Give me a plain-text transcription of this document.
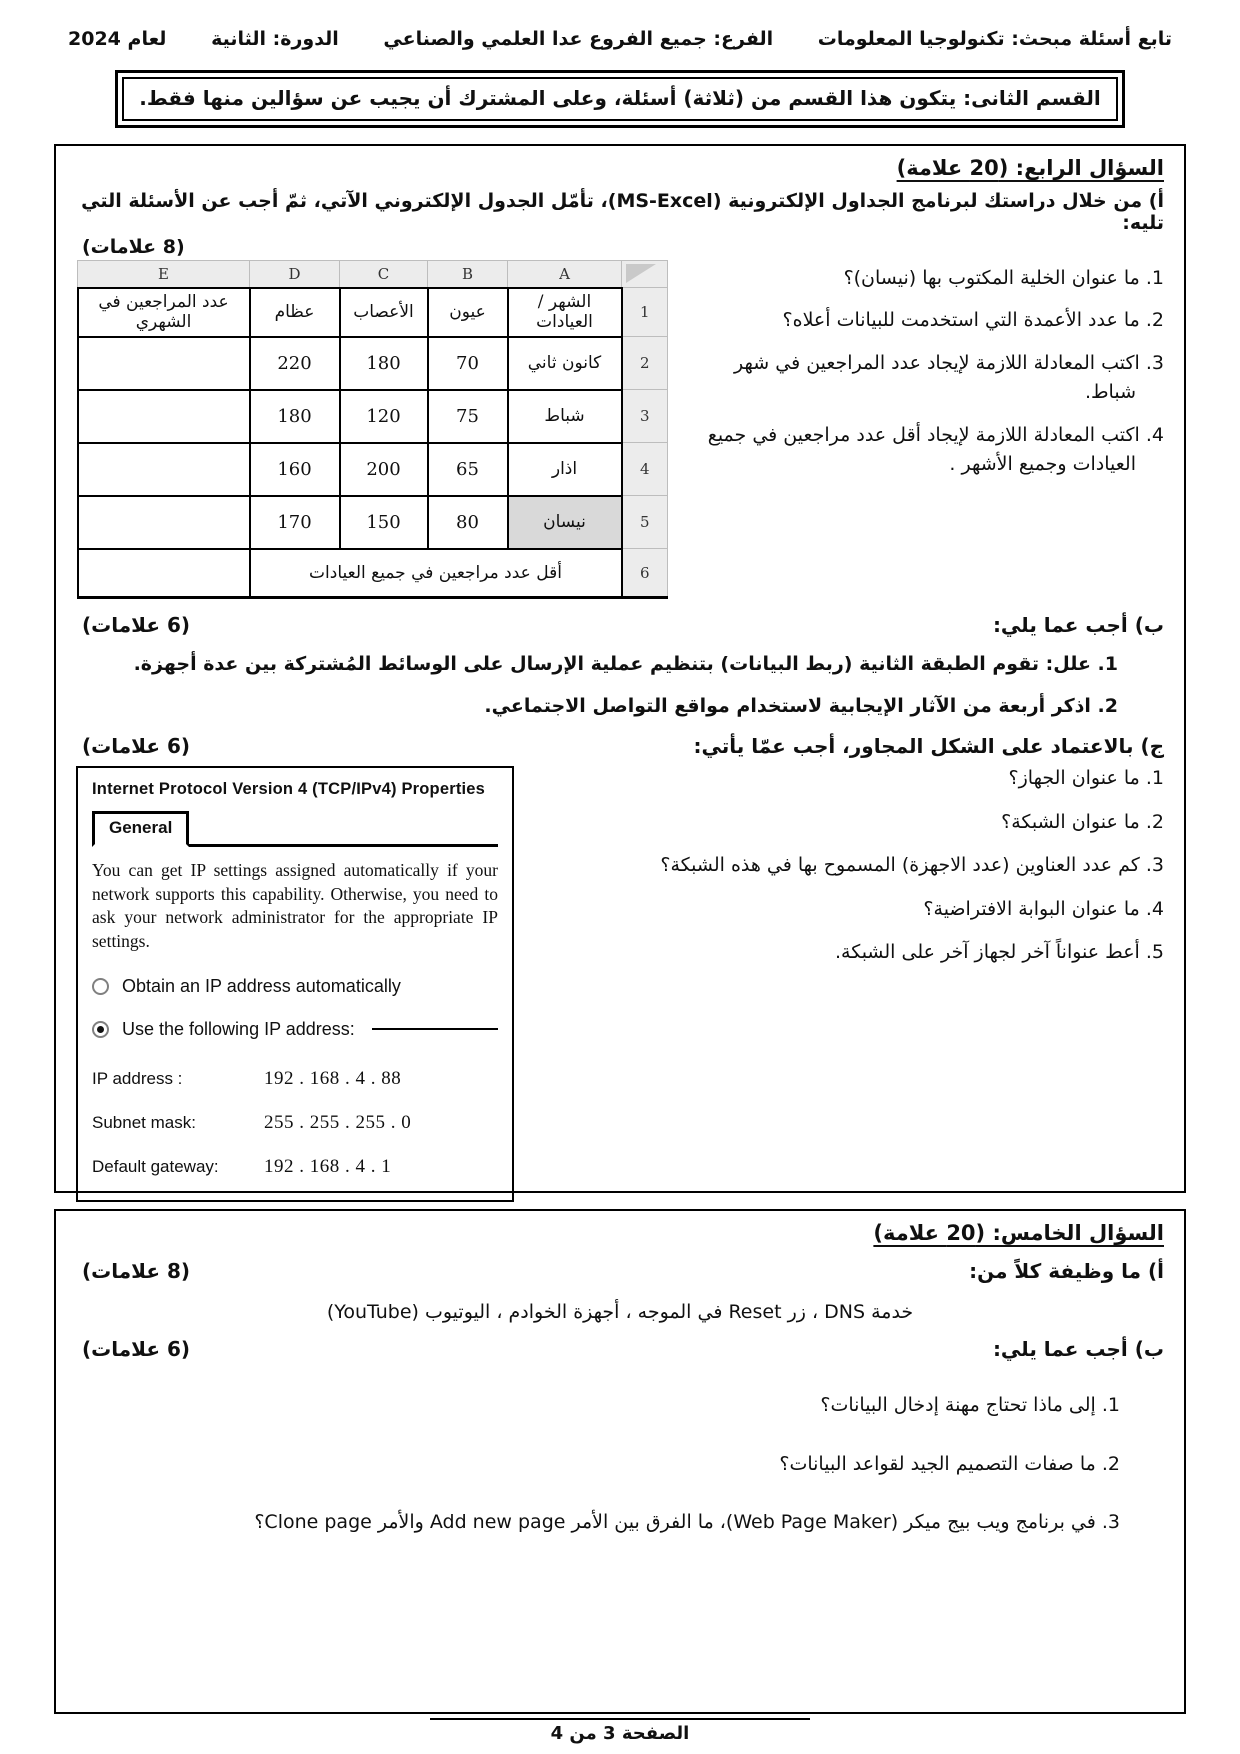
تابع أسئلة مبحث: تكنولوجيا المعلومات
الفرع: جميع الفروع عدا العلمي والصناعي
الدورة: الثانية
لعام 2024
القسم الثانى: يتكون هذا القسم من (ثلاثة) أسئلة، وعلى المشترك أن يجيب عن سؤالين منها فقط.
السؤال الرابع: (20 علامة)
أ) من خلال دراستك لبرنامج الجداول الإلكترونية (MS-Excel)، تأمّل الجدول الإلكتروني الآتي، ثمّ أجب عن الأسئلة التي تليه:
(8 علامات)
1. ما عنوان الخلية المكتوب بها (نيسان)؟
2. ما عدد الأعمدة التي استخدمت للبيانات أعلاه؟
3. اكتب المعادلة اللازمة لإيجاد عدد المراجعين في شهر شباط.
4. اكتب المعادلة اللازمة لإيجاد أقل عدد مراجعين في جميع العيادات وجميع الأشهر .
	A	B	C	D	E
1	الشهر / العيادات	عيون	الأعصاب	عظام	عدد المراجعين في الشهري
2	كانون ثاني	70	180	220	
3	شباط	75	120	180	
4	اذار	65	200	160	
5	نيسان	80	150	170	
6	أقل عدد مراجعين في جميع العيادات				
ب) أجب عما يلي:
(6 علامات)
1. علل: تقوم الطبقة الثانية (ربط البيانات) بتنظيم عملية الإرسال على الوسائط المُشتركة بين عدة أجهزة.
2. اذكر أربعة من الآثار الإيجابية لاستخدام مواقع التواصل الاجتماعي.
ج) بالاعتماد على الشكل المجاور، أجب عمّا يأتي:
(6 علامات)
1. ما عنوان الجهاز؟
2. ما عنوان الشبكة؟
3. كم عدد العناوين (عدد الاجهزة) المسموح بها في هذه الشبكة؟
4. ما عنوان البوابة الافتراضية؟
5. أعط عنواناً آخر لجهاز آخر على الشبكة.
Internet Protocol Version 4 (TCP/IPv4) Properties
General
You can get IP settings assigned automatically if your network supports this capability. Otherwise, you need to ask your network administrator for the appropriate IP settings.
Obtain an IP address automatically
Use the following IP address:
IP address :	192 . 168 . 4 . 88
Subnet mask:	255 . 255 . 255 . 0
Default gateway:	192 . 168 . 4 . 1
السؤال الخامس: (20 علامة)
أ) ما وظيفة كلاً من:
(8 علامات)
خدمة DNS ، زر Reset في الموجه ، أجهزة الخوادم ، اليوتيوب (YouTube)
ب) أجب عما يلي:
(6 علامات)
1. إلى ماذا تحتاج مهنة إدخال البيانات؟
2. ما صفات التصميم الجيد لقواعد البيانات؟
3. في برنامج ويب بيج ميكر (Web Page Maker)، ما الفرق بين الأمر Add new page والأمر Clone page؟
الصفحة 3 من 4
